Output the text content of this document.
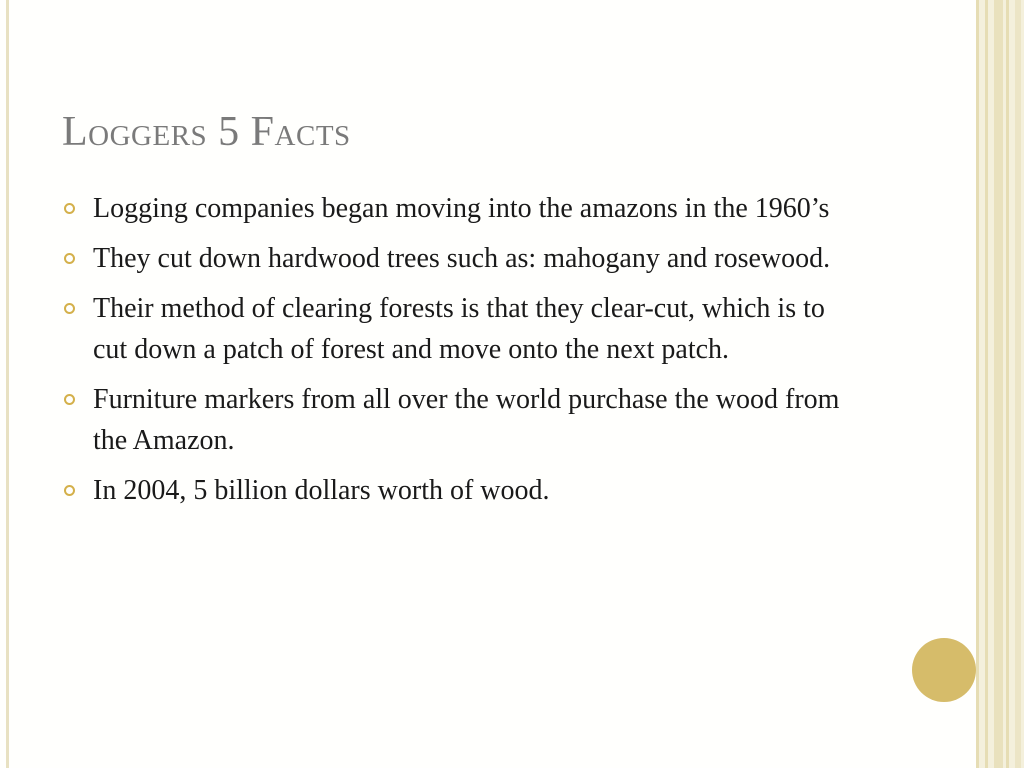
Loggers 5 Facts
Logging companies began moving into the amazons in the 1960’s
They cut down hardwood trees such as: mahogany and rosewood.
Their method of clearing forests is that they clear-cut, which is to cut down a patch of forest and move onto the next patch.
Furniture markers from all over the world purchase the wood from the Amazon.
In 2004, 5 billion dollars worth of wood.
